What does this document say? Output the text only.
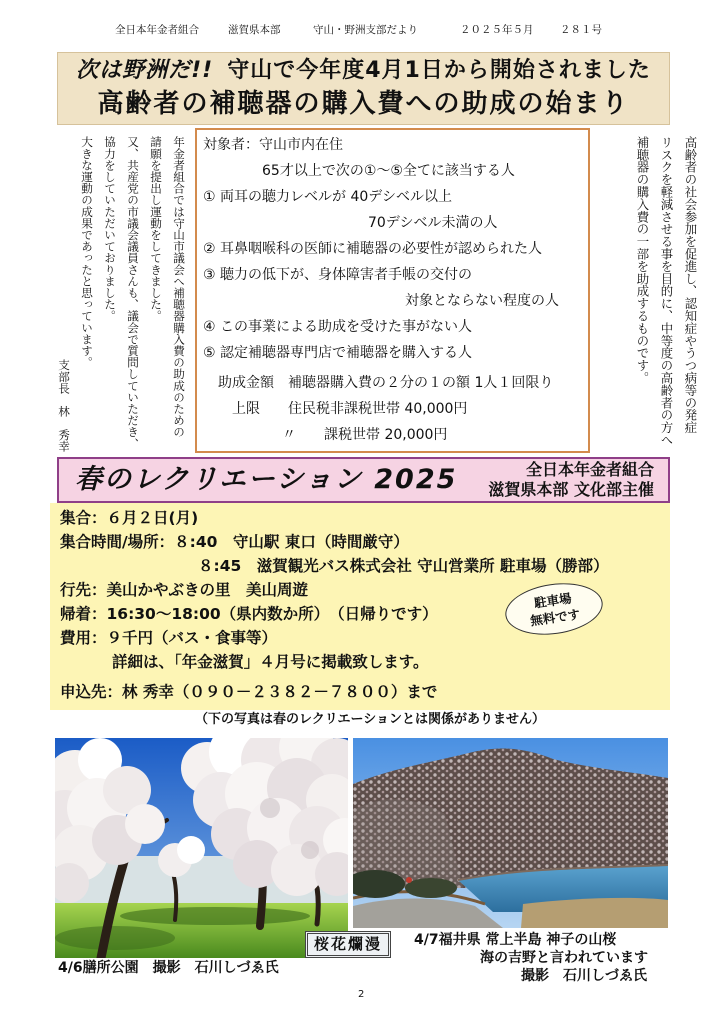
全日本年金者組合	滋賀県本部	守山・野洲支部だより	２０２５年５月	２８１号
次は野洲だ!! 守山で今年度4月1日から開始されました
高齢者の補聴器の購入費への助成の始まり

年金者組合では守山市議会へ補聴器購入費の助成のための

請願を提出し運動をしてきました。

又、共産党の市議会議員さんも、議会で質問していただき、

協力をしていただいておりました。

大きな運動の成果であったと思っています。

支部長　林　秀幸

対象者：守山市内在住
65才以上で次の①～⑤全てに該当する人
① 両耳の聴力レベルが 40デシベル以上
70デシベル未満の人
② 耳鼻咽喉科の医師に補聴器の必要性が認められた人
③ 聴力の低下が、身体障害者手帳の交付の
対象とならない程度の人
④ この事業による助成を受けた事がない人
⑤ 認定補聴器専門店で補聴器を購入する人
助成金額　補聴器購入費の２分の１の額 1人１回限り
上限　　住民税非課税世帯 40,000円
〃　　課税世帯 20,000円

高齢者の社会参加を促進し、認知症やうつ病等の発症

リスクを軽減させる事を目的に、中等度の高齢者の方へ

補聴器の購入費の一部を助成するものです。

春のレクリエーション 2025	全日本年金者組合
滋賀県本部 文化部主催
集合：６月２日(月)
集合時間/場所：８:40　守山駅 東口（時間厳守）
８:45　滋賀観光バス株式会社 守山営業所 駐車場（勝部）
行先：美山かやぶきの里　美山周遊
帰着：16:30～18:00（県内数か所）　（日帰りです）
費用：９千円（バス・食事等）
詳細は、「年金滋賀」４月号に掲載致します。
申込先：林 秀幸（０９０－２３８２－７８００）まで
駐車場
無料です
（下の写真は春のレクリエーションとは関係がありません）
桜花爛漫
4/6膳所公園　撮影　石川しづゑ氏
4/7福井県 常上半島 神子の山桜
海の吉野と言われています
撮影　石川しづゑ氏
2
